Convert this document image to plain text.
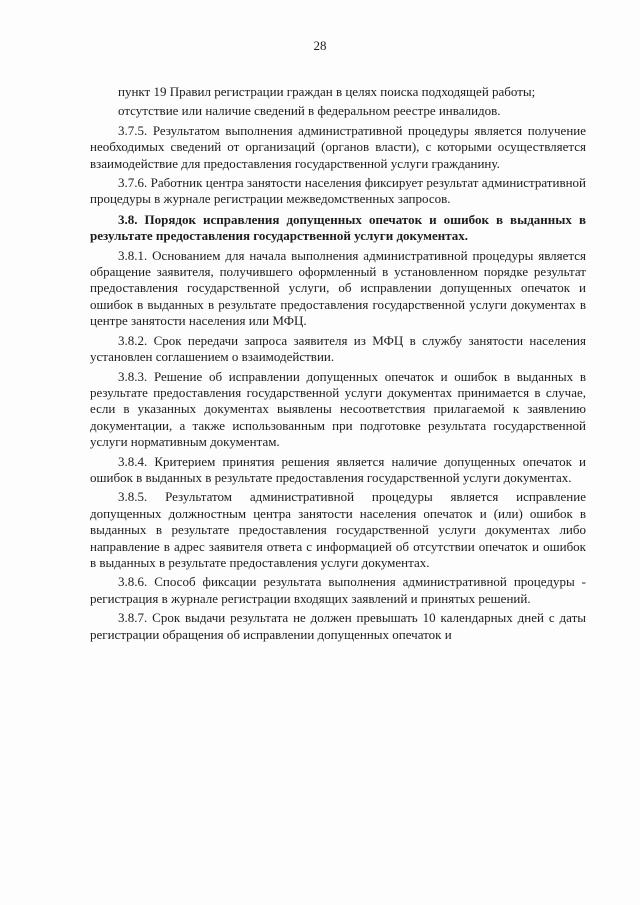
28

пункт 19 Правил регистрации граждан в целях поиска подходящей работы;

отсутствие или наличие сведений в федеральном реестре инвалидов.

3.7.5. Результатом выполнения административной процедуры является получение необходимых сведений от организаций (органов власти), с которыми осуществляется взаимодействие для предоставления государственной услуги гражданину.

3.7.6. Работник центра занятости населения фиксирует результат административной процедуры в журнале регистрации межведомственных запросов.

3.8. Порядок исправления допущенных опечаток и ошибок в выданных в результате предоставления государственной услуги документах.

3.8.1. Основанием для начала выполнения административной процедуры является обращение заявителя, получившего оформленный в установленном порядке результат предоставления государственной услуги, об исправлении допущенных опечаток и ошибок в выданных в результате предоставления государственной услуги документах в центре занятости населения или МФЦ.

3.8.2. Срок передачи запроса заявителя из МФЦ в службу занятости населения установлен соглашением о взаимодействии.

3.8.3. Решение об исправлении допущенных опечаток и ошибок в выданных в результате предоставления государственной услуги документах принимается в случае, если в указанных документах выявлены несоответствия прилагаемой к заявлению документации, а также использованным при подготовке результата государственной услуги нормативным документам.

3.8.4. Критерием принятия решения является наличие допущенных опечаток и ошибок в выданных в результате предоставления государственной услуги документах.

3.8.5. Результатом административной процедуры является исправление допущенных должностным центра занятости населения опечаток и (или) ошибок в выданных в результате предоставления государственной услуги документах либо направление в адрес заявителя ответа с информацией об отсутствии опечаток и ошибок в выданных в результате предоставления услуги документах.

3.8.6. Способ фиксации результата выполнения административной процедуры - регистрация в журнале регистрации входящих заявлений и принятых решений.

3.8.7. Срок выдачи результата не должен превышать 10 календарных дней с даты регистрации обращения об исправлении допущенных опечаток и
